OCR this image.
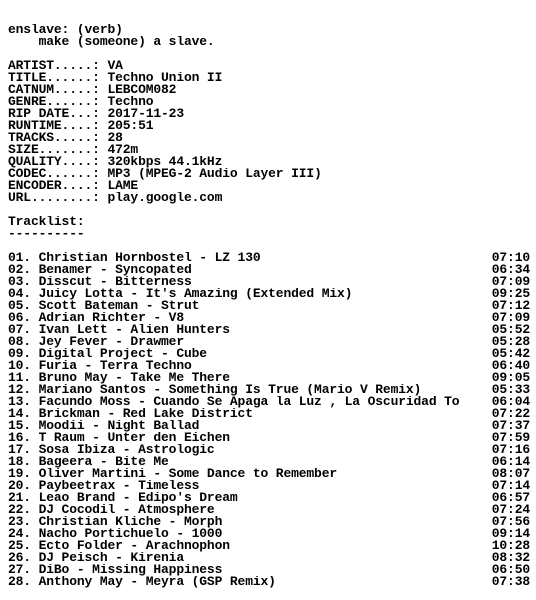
enslave: (verb)
make (someone) a slave.
ARTIST.....: VA
TITLE......: Techno Union II
CATNUM.....: LEBCOM082
GENRE......: Techno
RIP DATE...: 2017-11-23
RUNTIME....: 205:51
TRACKS.....: 28
SIZE.......: 472m
QUALITY....: 320kbps 44.1kHz
CODEC......: MP3 (MPEG-2 Audio Layer III)
ENCODER....: LAME
URL........: play.google.com
Tracklist:
----------
01. Christian Hornbostel - LZ 130	07:10
02. Benamer - Syncopated	06:34
03. Disscut - Bitterness	07:09
04. Juicy Lotta - It's Amazing (Extended Mix)	09:25
05. Scott Bateman - Strut	07:12
06. Adrian Richter - V8	07:09
07. Ivan Lett - Alien Hunters	05:52
08. Jey Fever - Drawmer	05:28
09. Digital Project - Cube	05:42
10. Furia - Terra Techno	06:40
11. Bruno May - Take Me There	09:05
12. Mariano Santos - Something Is True (Mario V Remix)	05:33
13. Facundo Moss - Cuando Se Apaga la Luz , La Oscuridad To	06:04
14. Brickman - Red Lake District	07:22
15. Moodii - Night Ballad	07:37
16. T Raum - Unter den Eichen	07:59
17. Sosa Ibiza - Astrologic	07:16
18. Bageera - Bite Me	06:14
19. Oliver Martini - Some Dance to Remember	08:07
20. Paybeetrax - Timeless	07:14
21. Leao Brand - Edipo's Dream	06:57
22. DJ Cocodil - Atmosphere	07:24
23. Christian Kliche - Morph	07:56
24. Nacho Portichuelo - 1000	09:14
25. Ecto Folder - Arachnophon	10:28
26. DJ Peisch - Kirenia	08:32
27. DiBo - Missing Happiness	06:50
28. Anthony May - Meyra (GSP Remix)	07:38
